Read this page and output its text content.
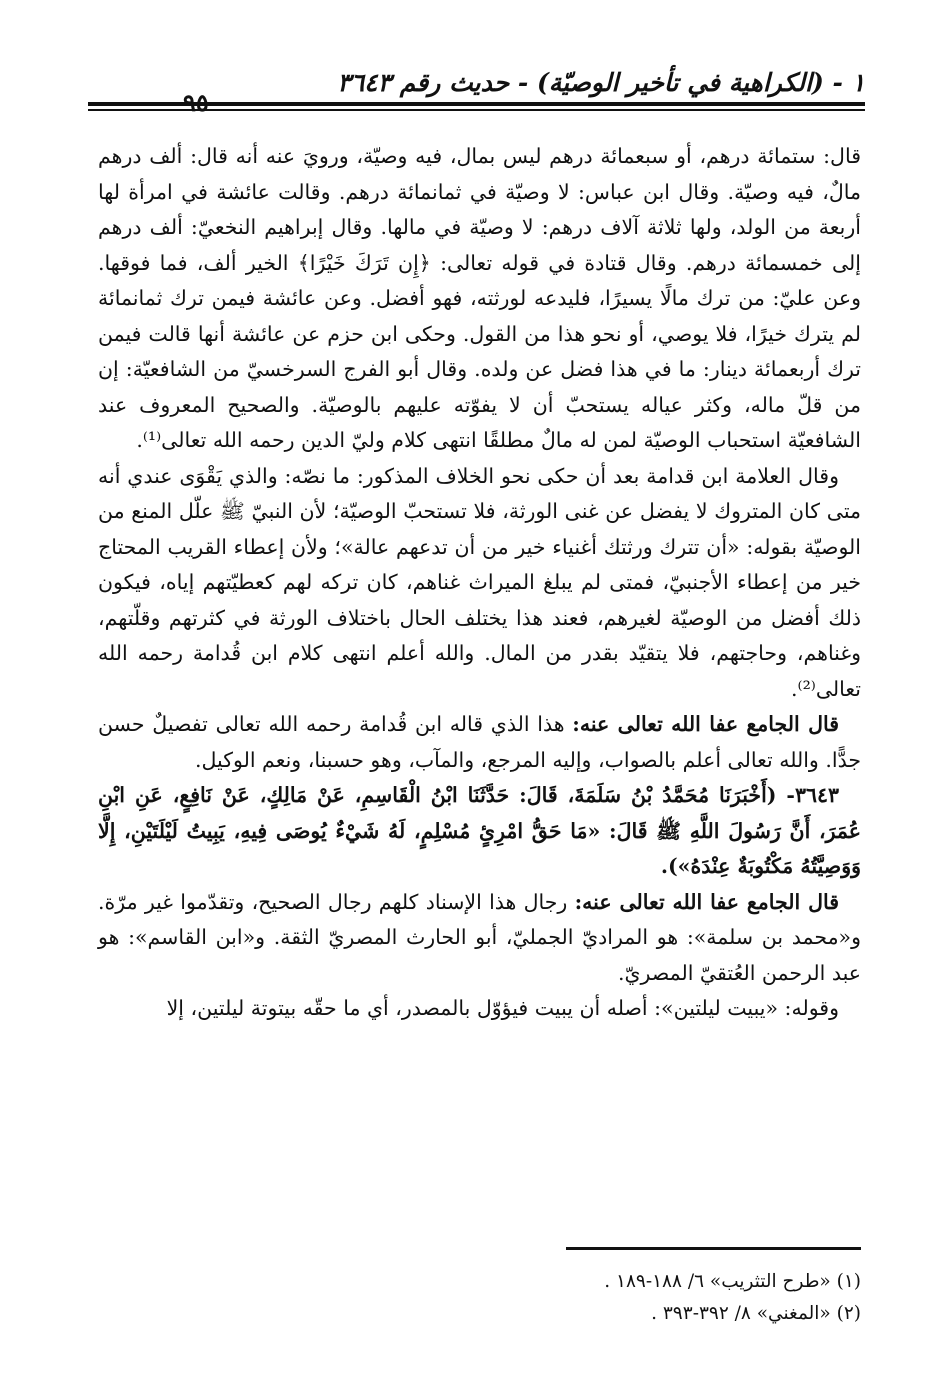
١ - (الكراهية في تأخير الوصيّة) - حديث رقم ٣٦٤٣

قال: ستمائة درهم، أو سبعمائة درهم ليس بمال، فيه وصيّة، ورويَ عنه أنه قال: ألف درهم مالٌ، فيه وصيّة. وقال ابن عباس: لا وصيّة في ثمانمائة درهم. وقالت عائشة في امرأة لها أربعة من الولد، ولها ثلاثة آلاف درهم: لا وصيّة في مالها. وقال إبراهيم النخعيّ: ألف درهم إلى خمسمائة درهم. وقال قتادة في قوله تعالى: ﴿إِن تَرَكَ خَيْرًا﴾ الخير ألف، فما فوقها. وعن عليّ: من ترك مالًا يسيرًا، فليدعه لورثته، فهو أفضل. وعن عائشة فيمن ترك ثمانمائة لم يترك خيرًا، فلا يوصي، أو نحو هذا من القول. وحكى ابن حزم عن عائشة أنها قالت فيمن ترك أربعمائة دينار: ما في هذا فضل عن ولده. وقال أبو الفرج السرخسيّ من الشافعيّة: إن من قلّ ماله، وكثر عياله يستحبّ أن لا يفوّته عليهم بالوصيّة. والصحيح المعروف عند الشافعيّة استحباب الوصيّة لمن له مالٌ مطلقًا انتهى كلام وليّ الدين رحمه الله تعالى⁽¹⁾.

وقال العلامة ابن قدامة بعد أن حكى نحو الخلاف المذكور: ما نصّه: والذي يَقْوَى عندي أنه متى كان المتروك لا يفضل عن غنى الورثة، فلا تستحبّ الوصيّة؛ لأن النبيّ ﷺ علّل المنع من الوصيّة بقوله: «أن تترك ورثتك أغنياء خير من أن تدعهم عالة»؛ ولأن إعطاء القريب المحتاج خير من إعطاء الأجنبيّ، فمتى لم يبلغ الميراث غناهم، كان تركه لهم كعطيّتهم إياه، فيكون ذلك أفضل من الوصيّة لغيرهم، فعند هذا يختلف الحال باختلاف الورثة في كثرتهم وقلّتهم، وغناهم، وحاجتهم، فلا يتقيّد بقدر من المال. والله أعلم انتهى كلام ابن قُدامة رحمه الله تعالى⁽²⁾.

قال الجامع عفا الله تعالى عنه: هذا الذي قاله ابن قُدامة رحمه الله تعالى تفصيلٌ حسن جدًّا. والله تعالى أعلم بالصواب، وإليه المرجع، والمآب، وهو حسبنا، ونعم الوكيل.

٣٦٤٣- (أَخْبَرَنَا مُحَمَّدُ بْنُ سَلَمَةَ، قَالَ: حَدَّثَنَا ابْنُ الْقَاسِمِ، عَنْ مَالِكٍ، عَنْ نَافِعٍ، عَنِ ابْنِ عُمَرَ، أَنَّ رَسُولَ اللَّهِ ﷺ قَالَ: «مَا حَقُّ امْرِئٍ مُسْلِمٍ، لَهُ شَيْءٌ يُوصَى فِيهِ، يَبِيتُ لَيْلَتَيْنِ، إِلَّا وَوَصِيَّتُهُ مَكْتُوبَةٌ عِنْدَهُ»).

قال الجامع عفا الله تعالى عنه: رجال هذا الإسناد كلهم رجال الصحيح، وتقدّموا غير مرّة. و«محمد بن سلمة»: هو المراديّ الجمليّ، أبو الحارث المصريّ الثقة. و«ابن القاسم»: هو عبد الرحمن العُتقيّ المصريّ.

وقوله: «يبيت ليلتين»: أصله أن يبيت فيؤوّل بالمصدر، أي ما حقّه بيتوتة ليلتين، إلا

(١) «طرح التثريب» ٦/ ١٨٨-١٨٩ .
(٢) «المغني» ٨/ ٣٩٢-٣٩٣ .
